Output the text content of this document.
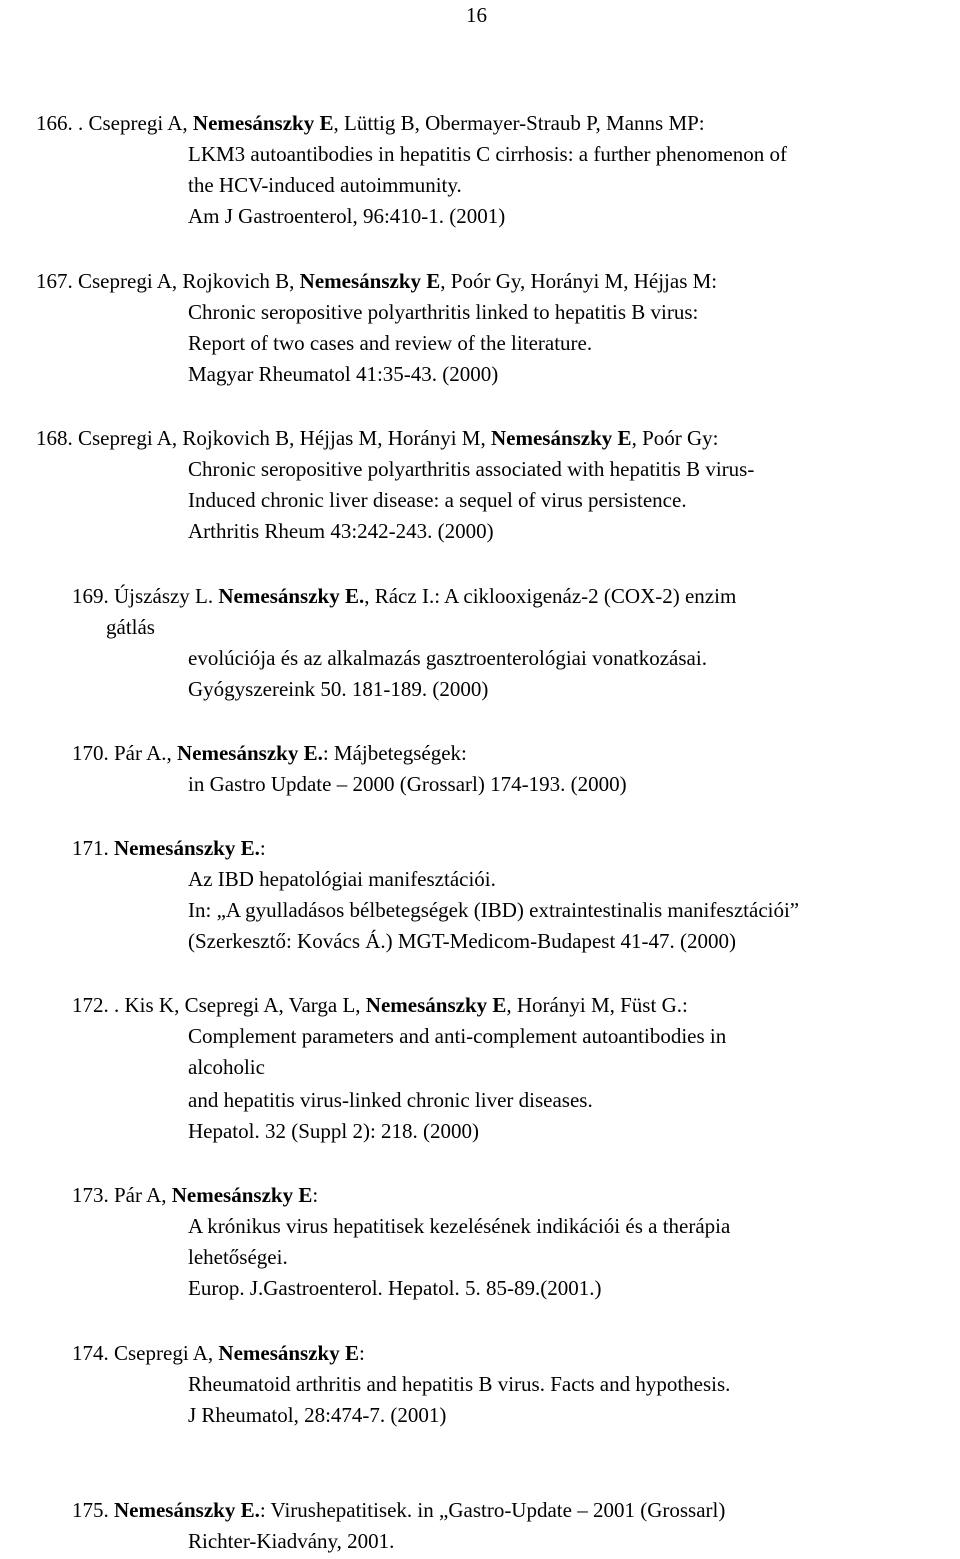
16
166. . Csepregi A, Nemesánszky E, Lüttig B, Obermayer-Straub P, Manns MP:
LKM3 autoantibodies in hepatitis C cirrhosis: a further phenomenon of
the HCV-induced autoimmunity.
Am J Gastroenterol, 96:410-1. (2001)
167. Csepregi A, Rojkovich B, Nemesánszky E, Poór Gy, Horányi M, Héjjas M:
Chronic seropositive polyarthritis linked to hepatitis B virus:
Report of two cases and review of the literature.
Magyar Rheumatol 41:35-43. (2000)
168. Csepregi A, Rojkovich B, Héjjas M, Horányi M, Nemesánszky E, Poór Gy:
Chronic seropositive polyarthritis associated with hepatitis B virus-
Induced chronic liver disease: a sequel of virus persistence.
Arthritis Rheum 43:242-243. (2000)
169. Újszászy L. Nemesánszky E., Rácz I.: A ciklooxigenáz-2 (COX-2) enzim
gátlás
evolúciója és az alkalmazás gasztroenterológiai vonatkozásai.
Gyógyszereink 50. 181-189. (2000)
170. Pár A., Nemesánszky E.: Májbetegségek:
in Gastro Update – 2000 (Grossarl) 174-193. (2000)
171. Nemesánszky E.:
Az IBD hepatológiai manifesztációi.
In: „A gyulladásos bélbetegségek (IBD) extraintestinalis manifesztációi”
(Szerkesztő: Kovács Á.) MGT-Medicom-Budapest 41-47. (2000)
172. . Kis K, Csepregi A, Varga L, Nemesánszky E, Horányi M, Füst G.:
Complement parameters and anti-complement autoantibodies in
alcoholic
and hepatitis virus-linked chronic liver diseases.
Hepatol. 32 (Suppl 2): 218. (2000)
173. Pár A, Nemesánszky E:
A krónikus virus hepatitisek kezelésének indikációi és a therápia
lehetőségei.
Europ. J.Gastroenterol. Hepatol. 5. 85-89.(2001.)
174. Csepregi A, Nemesánszky E:
Rheumatoid arthritis and hepatitis B virus. Facts and hypothesis.
J Rheumatol, 28:474-7. (2001)
175. Nemesánszky E.: Virushepatitisek. in „Gastro-Update – 2001 (Grossarl)
Richter-Kiadvány, 2001.
